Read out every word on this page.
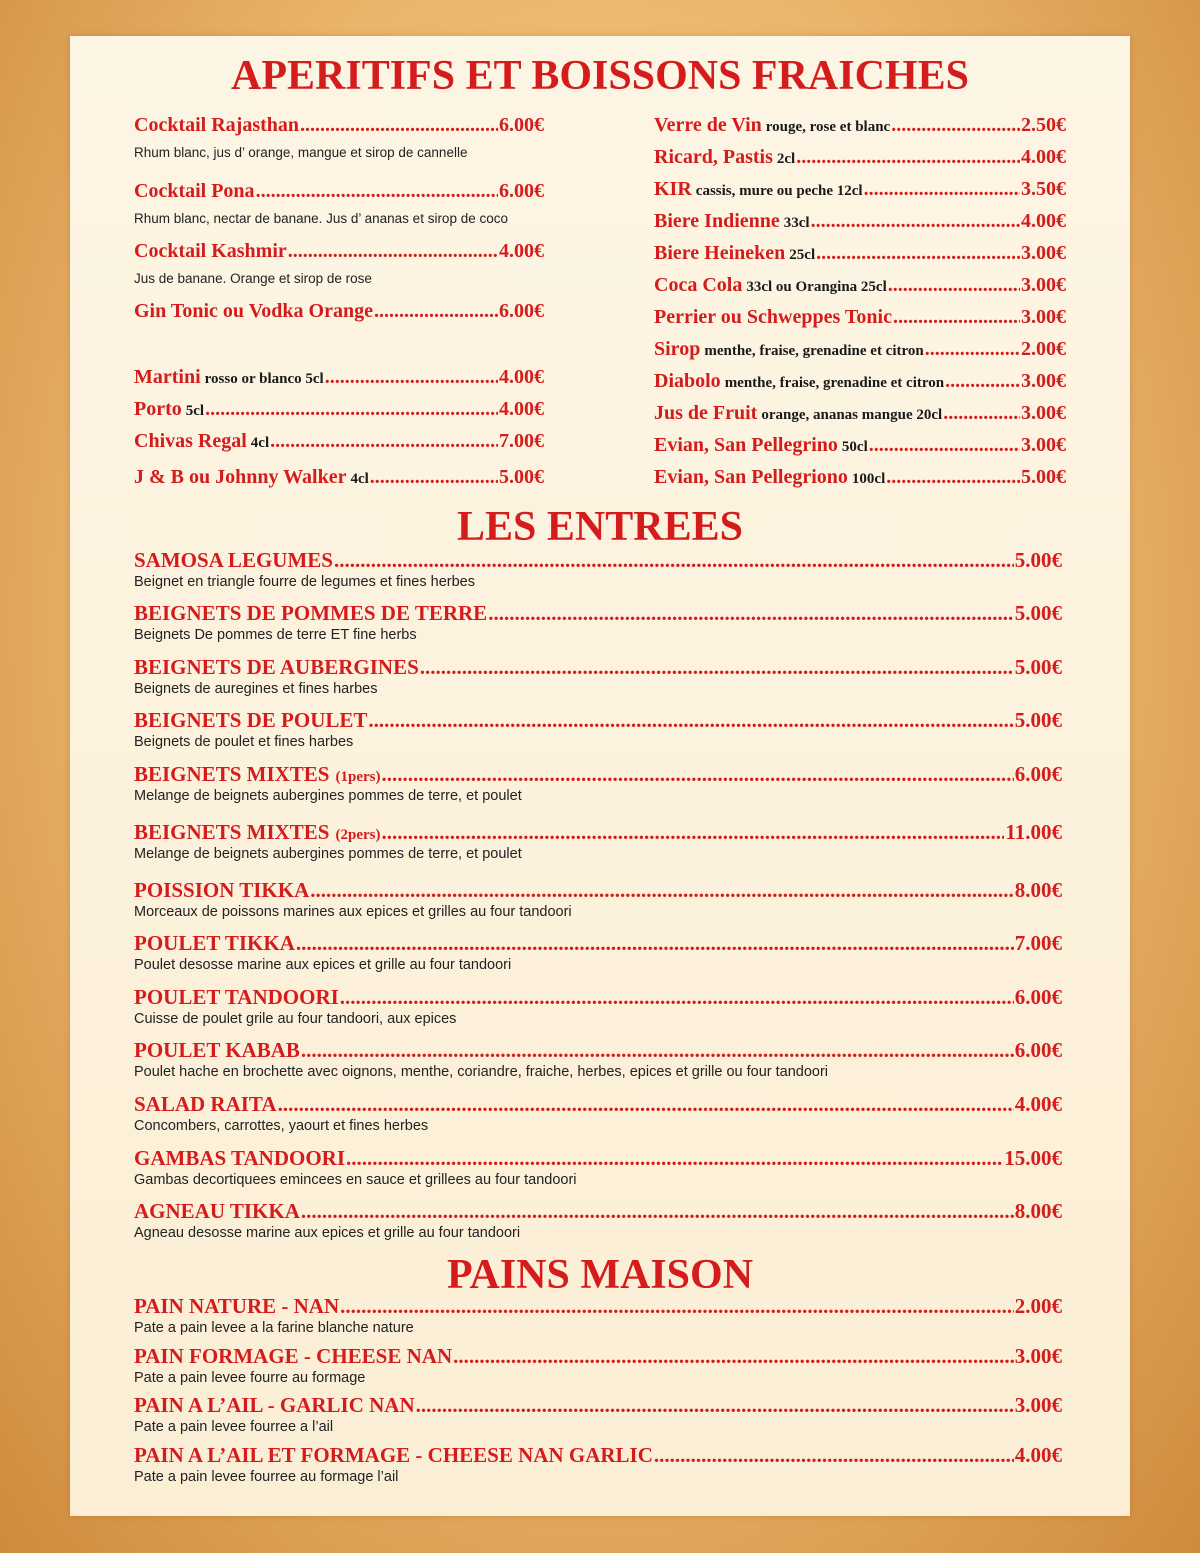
APERITIFS ET BOISSONS FRAICHES
Cocktail Rajasthan .....	6.00€
Rhum blanc, jus d’ orange, mangue et sirop de cannelle
Cocktail Pona .....	6.00€
Rhum blanc, nectar de banane. Jus d’ ananas et sirop de coco
Cocktail Kashmir .....	4.00€
Jus de banane. Orange et sirop de rose
Gin Tonic ou Vodka Orange .....	6.00€
Martini rosso or blanco 5cl .....	4.00€
Porto 5cl .....	4.00€
Chivas Regal 4cl .....	7.00€
J & B ou Johnny Walker 4cl .....	5.00€
Verre de Vin rouge, rose et blanc .....	2.50€
Ricard, Pastis 2cl .....	4.00€
KIR cassis, mure ou peche 12cl .....	3.50€
Biere Indienne 33cl .....	4.00€
Biere Heineken 25cl .....	3.00€
Coca Cola 33cl ou Orangina 25cl .....	3.00€
Perrier ou Schweppes Tonic .....	3.00€
Sirop menthe, fraise, grenadine et citron .....	2.00€
Diabolo menthe, fraise, grenadine et citron .....	3.00€
Jus de Fruit orange, ananas mangue 20cl .....	3.00€
Evian, San Pellegrino 50cl .....	3.00€
Evian, San Pellegriono 100cl .....	5.00€
LES ENTREES
SAMOSA LEGUMES .....	5.00€
Beignet en triangle fourre de legumes et fines herbes
BEIGNETS DE POMMES DE TERRE .....	5.00€
Beignets De pommes de terre ET fine herbs
BEIGNETS DE AUBERGINES .....	5.00€
Beignets de auregines et fines harbes
BEIGNETS DE POULET .....	5.00€
Beignets de poulet et fines harbes
BEIGNETS MIXTES (1pers) .....	6.00€
Melange de beignets aubergines pommes de terre, et poulet
BEIGNETS MIXTES (2pers) .....	11.00€
Melange de beignets aubergines pommes de terre, et poulet
POISSION TIKKA .....	8.00€
Morceaux de poissons marines aux epices et grilles au four tandoori
POULET TIKKA .....	7.00€
Poulet desosse marine aux epices et grille au four tandoori
POULET TANDOORI .....	6.00€
Cuisse de poulet grile au four tandoori, aux epices
POULET KABAB .....	6.00€
Poulet hache en brochette avec oignons, menthe, coriandre, fraiche, herbes, epices et grille ou four tandoori
SALAD RAITA .....	4.00€
Concombers, carrottes, yaourt et fines herbes
GAMBAS TANDOORI .....	15.00€
Gambas decortiquees emincees en sauce et grillees au four tandoori
AGNEAU TIKKA .....	8.00€
Agneau desosse marine aux epices et grille au four tandoori
PAINS MAISON
PAIN NATURE - NAN .....	2.00€
Pate a pain levee a la farine blanche nature
PAIN FORMAGE - CHEESE NAN .....	3.00€
Pate a pain levee fourre au formage
PAIN A L’AIL - GARLIC NAN .....	3.00€
Pate a pain levee fourree a l’ail
PAIN A L’AIL ET FORMAGE - CHEESE NAN GARLIC .....	4.00€
Pate a pain levee fourree au formage l’ail
